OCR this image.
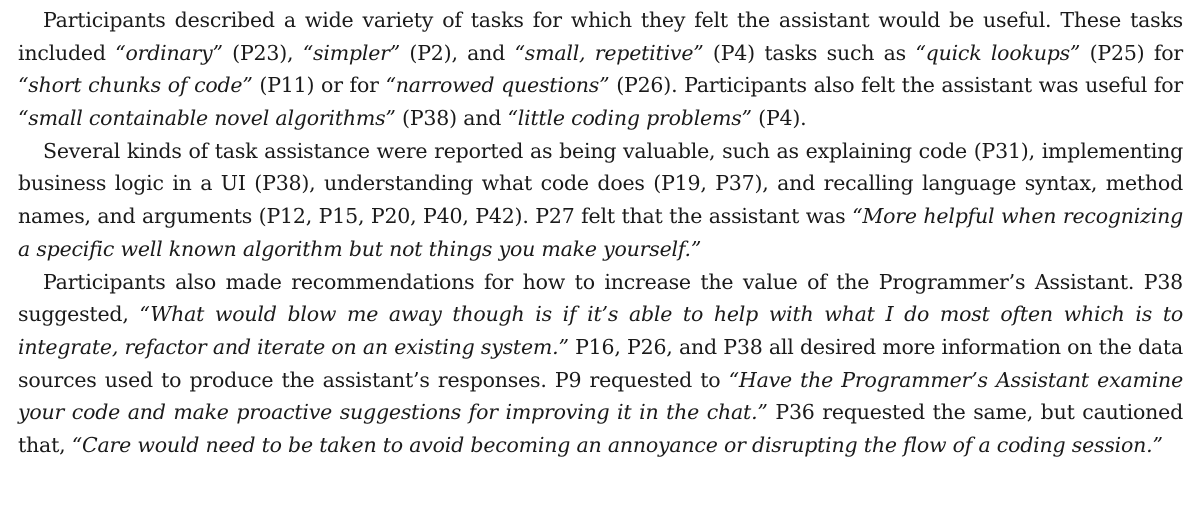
Participants described a wide variety of tasks for which they felt the assistant would be useful. These tasks included “ordinary” (P23), “simpler” (P2), and “small, repetitive” (P4) tasks such as “quick lookups” (P25) for “short chunks of code” (P11) or for “narrowed questions” (P26). Participants also felt the assistant was useful for “small containable novel algorithms” (P38) and “little coding problems” (P4).

Several kinds of task assistance were reported as being valuable, such as explaining code (P31), implementing business logic in a UI (P38), understanding what code does (P19, P37), and recalling language syntax, method names, and arguments (P12, P15, P20, P40, P42). P27 felt that the assistant was “More helpful when recognizing a specific well known algorithm but not things you make yourself.”

Participants also made recommendations for how to increase the value of the Programmer’s Assistant. P38 suggested, “What would blow me away though is if it’s able to help with what I do most often which is to integrate, refactor and iterate on an existing system.” P16, P26, and P38 all desired more information on the data sources used to produce the assistant’s responses. P9 requested to “Have the Programmer’s Assistant examine your code and make proactive suggestions for improving it in the chat.” P36 requested the same, but cautioned that, “Care would need to be taken to avoid becoming an annoyance or disrupting the flow of a coding session.”
